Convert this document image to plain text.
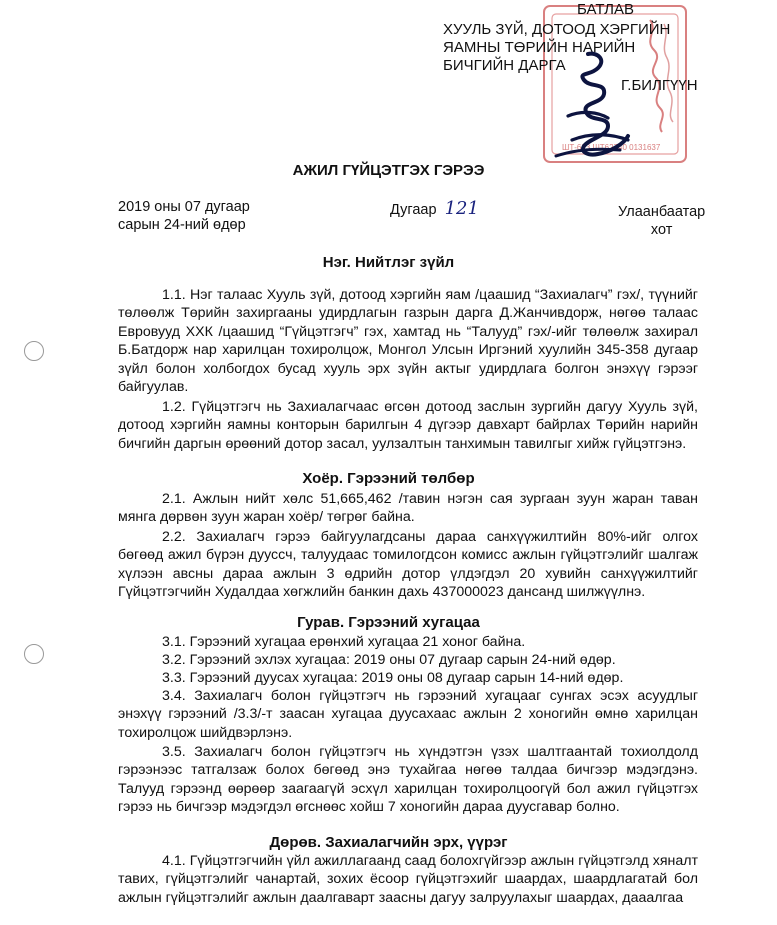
ШТ-623 ШТ62740 0131637
БАТЛАВ
ХУУЛЬ ЗҮЙ, ДОТООД ХЭРГИЙН
ЯАМНЫ ТӨРИЙН НАРИЙН
БИЧГИЙН ДАРГА
Г.БИЛГҮҮН
АЖИЛ ГҮЙЦЭТГЭХ ГЭРЭЭ
2019 оны 07 дугаар
сарын 24-ний өдөр
Дугаар 121	Улаанбаатар
хот
Нэг. Нийтлэг зүйл
1.1. Нэг талаас Хууль зүй, дотоод хэргийн яам /цаашид “Захиалагч” гэх/, түүнийг төлөөлж Төрийн захиргааны удирдлагын газрын дарга Д.Жанчивдорж, нөгөө талаас Евровууд ХХК /цаашид “Гүйцэтгэгч” гэх, хамтад нь “Талууд” гэх/-ийг төлөөлж захирал Б.Батдорж нар харилцан тохиролцож, Монгол Улсын Иргэний хуулийн 345-358 дугаар зүйл болон холбогдох бусад хууль эрх зүйн актыг удирдлага болгон энэхүү гэрээг байгуулав.
1.2. Гүйцэтгэгч нь Захиалагчаас өгсөн дотоод заслын зургийн дагуу Хууль зүй, дотоод хэргийн яамны конторын барилгын 4 дүгээр давхарт байрлах Төрийн нарийн бичгийн даргын өрөөний дотор засал, уулзалтын танхимын тавилгыг хийж гүйцэтгэнэ.
Хоёр. Гэрээний төлбөр
2.1. Ажлын нийт хөлс 51,665,462 /тавин нэгэн сая зургаан зуун жаран таван мянга дөрвөн зуун жаран хоёр/ төгрөг байна.
2.2. Захиалагч гэрээ байгуулагдсаны дараа санхүүжилтийн 80%-ийг олгох бөгөөд ажил бүрэн дууссч, талуудаас томилогдсон комисс ажлын гүйцэтгэлийг шалгаж хүлээн авсны дараа ажлын 3 өдрийн дотор үлдэгдэл 20 хувийн санхүүжилтийг Гүйцэтгэгчийн Худалдаа хөгжлийн банкин дахь 437000023 дансанд шилжүүлнэ.
Гурав. Гэрээний хугацаа
3.1. Гэрээний хугацаа ерөнхий хугацаа 21 хоног байна.
3.2. Гэрээний эхлэх хугацаа: 2019 оны 07 дугаар сарын 24-ний өдөр.
3.3. Гэрээний дуусах хугацаа: 2019 оны 08 дугаар сарын 14-ний өдөр.
3.4. Захиалагч болон гүйцэтгэгч нь гэрээний хугацааг сунгах эсэх асуудлыг энэхүү гэрээний /3.3/-т заасан хугацаа дуусахаас ажлын 2 хоногийн өмнө харилцан тохиролцож шийдвэрлэнэ.
3.5. Захиалагч болон гүйцэтгэгч нь хүндэтгэн үзэх шалтгаантай тохиолдолд гэрээнээс татгалзаж болох бөгөөд энэ тухайгаа нөгөө талдаа бичгээр мэдэгдэнэ. Талууд гэрээнд өөрөөр заагаагүй эсхүл харилцан тохиролцоогүй бол ажил гүйцэтгэх гэрээ нь бичгээр мэдэгдэл өгснөөс хойш 7 хоногийн дараа дуусгавар болно.
Дөрөв. Захиалагчийн эрх, үүрэг
4.1. Гүйцэтгэгчийн үйл ажиллагаанд саад болохгүйгээр ажлын гүйцэтгэлд хяналт тавих, гүйцэтгэлийг чанартай, зохих ёсоор гүйцэтгэхийг шаардах, шаардлагатай бол ажлын гүйцэтгэлийг ажлын даалгаварт заасны дагуу залруулахыг шаардах, дааалгаа
